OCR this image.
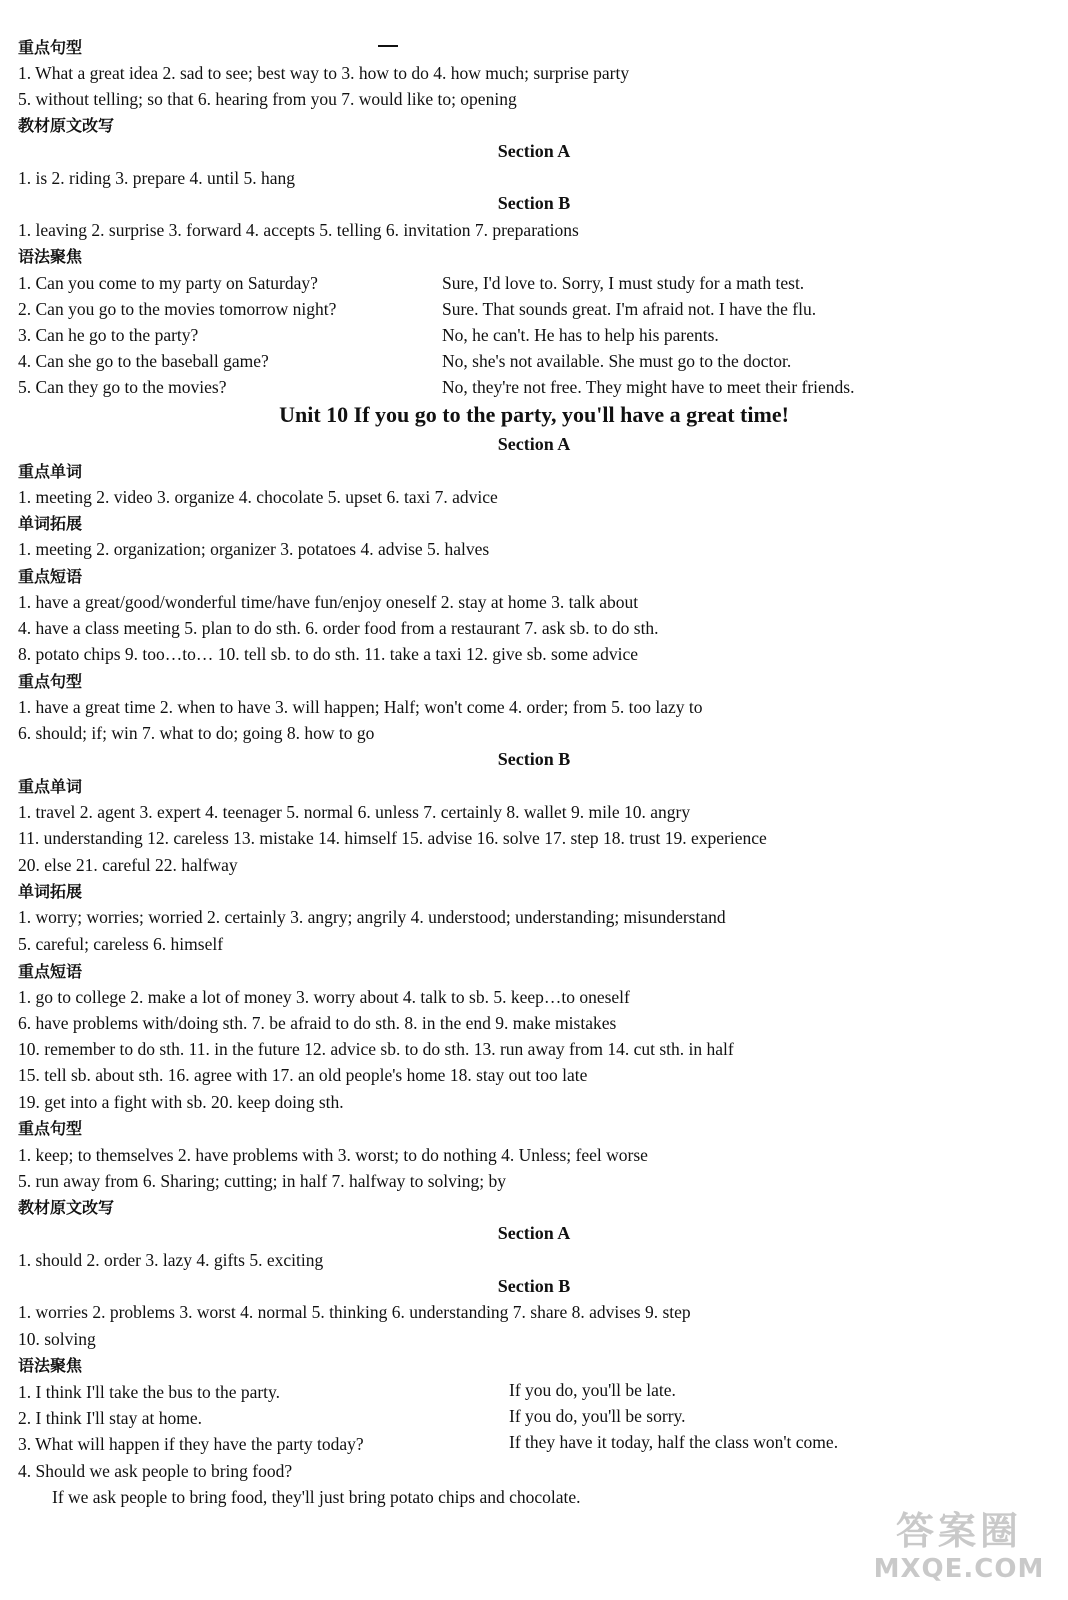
重点句型
1. What a great idea 2. sad to see; best way to 3. how to do 4. how much; surprise party
5. without telling; so that 6. hearing from you 7. would like to; opening
教材原文改写
Section A
1. is 2. riding 3. prepare 4. until 5. hang
Section B
1. leaving 2. surprise 3. forward 4. accepts 5. telling 6. invitation 7. preparations
语法聚焦
1. Can you come to my party on Saturday?	Sure, I'd love to. Sorry, I must study for a math test.
2. Can you go to the movies tomorrow night?	Sure. That sounds great. I'm afraid not. I have the flu.
3. Can he go to the party?	No, he can't. He has to help his parents.
4. Can she go to the baseball game?	No, she's not available. She must go to the doctor.
5. Can they go to the movies?	No, they're not free. They might have to meet their friends.
Unit 10 If you go to the party, you'll have a great time!
Section A
重点单词
1. meeting 2. video 3. organize 4. chocolate 5. upset 6. taxi 7. advice
单词拓展
1. meeting 2. organization; organizer 3. potatoes 4. advise 5. halves
重点短语
1. have a great/good/wonderful time/have fun/enjoy oneself 2. stay at home 3. talk about
4. have a class meeting 5. plan to do sth. 6. order food from a restaurant 7. ask sb. to do sth.
8. potato chips 9. too…to… 10. tell sb. to do sth. 11. take a taxi 12. give sb. some advice
重点句型
1. have a great time 2. when to have 3. will happen; Half; won't come 4. order; from 5. too lazy to
6. should; if; win 7. what to do; going 8. how to go
Section B
重点单词
1. travel 2. agent 3. expert 4. teenager 5. normal 6. unless 7. certainly 8. wallet 9. mile 10. angry
11. understanding 12. careless 13. mistake 14. himself 15. advise 16. solve 17. step 18. trust 19. experience
20. else 21. careful 22. halfway
单词拓展
1. worry; worries; worried 2. certainly 3. angry; angrily 4. understood; understanding; misunderstand
5. careful; careless 6. himself
重点短语
1. go to college 2. make a lot of money 3. worry about 4. talk to sb. 5. keep…to oneself
6. have problems with/doing sth. 7. be afraid to do sth. 8. in the end 9. make mistakes
10. remember to do sth. 11. in the future 12. advice sb. to do sth. 13. run away from 14. cut sth. in half
15. tell sb. about sth. 16. agree with 17. an old people's home 18. stay out too late
19. get into a fight with sb. 20. keep doing sth.
重点句型
1. keep; to themselves 2. have problems with 3. worst; to do nothing 4. Unless; feel worse
5. run away from 6. Sharing; cutting; in half 7. halfway to solving; by
教材原文改写
Section A
1. should 2. order 3. lazy 4. gifts 5. exciting
Section B
1. worries 2. problems 3. worst 4. normal 5. thinking 6. understanding 7. share 8. advises 9. step
10. solving
语法聚焦
1. I think I'll take the bus to the party.	If you do, you'll be late.
2. I think I'll stay at home.	If you do, you'll be sorry.
3. What will happen if they have the party today?	If they have it today, half the class won't come.
4. Should we ask people to bring food?
If we ask people to bring food, they'll just bring potato chips and chocolate.
答案圈
MXQE.COM
